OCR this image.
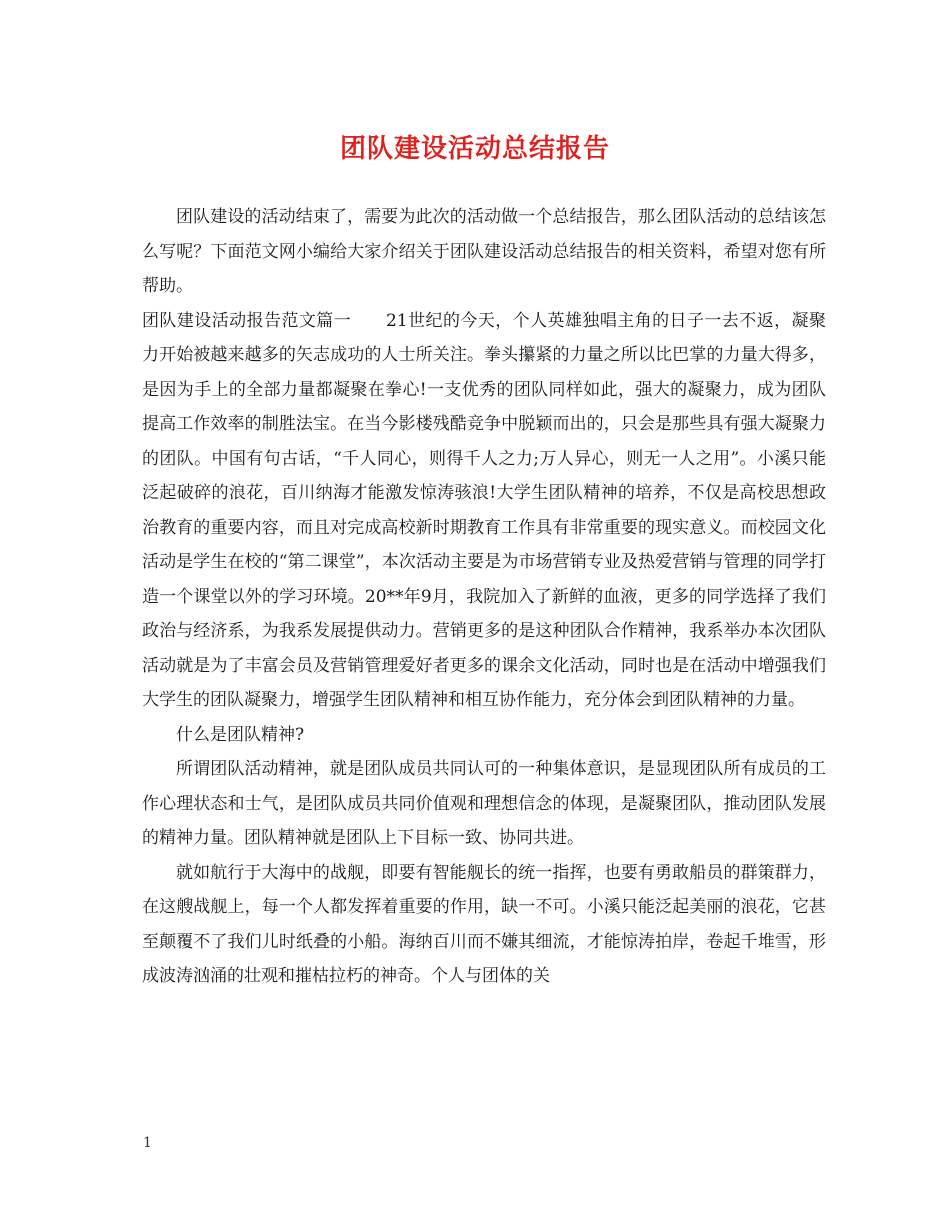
团队建设活动总结报告

团队建设的活动结束了，需要为此次的活动做一个总结报告，那么团队活动的总结该怎么写呢？下面范文网小编给大家介绍关于团队建设活动总结报告的相关资料，希望对您有所帮助。

团队建设活动报告范文篇一　　21世纪的今天，个人英雄独唱主角的日子一去不返，凝聚力开始被越来越多的矢志成功的人士所关注。拳头攥紧的力量之所以比巴掌的力量大得多，是因为手上的全部力量都凝聚在拳心!一支优秀的团队同样如此，强大的凝聚力，成为团队提高工作效率的制胜法宝。在当今影楼残酷竞争中脱颖而出的，只会是那些具有强大凝聚力的团队。中国有句古话，“千人同心，则得千人之力;万人异心，则无一人之用”。小溪只能泛起破碎的浪花，百川纳海才能激发惊涛骇浪!大学生团队精神的培养，不仅是高校思想政治教育的重要内容，而且对完成高校新时期教育工作具有非常重要的现实意义。而校园文化活动是学生在校的“第二课堂”，本次活动主要是为市场营销专业及热爱营销与管理的同学打造一个课堂以外的学习环境。20**年9月，我院加入了新鲜的血液，更多的同学选择了我们政治与经济系，为我系发展提供动力。营销更多的是这种团队合作精神，我系举办本次团队活动就是为了丰富会员及营销管理爱好者更多的课余文化活动，同时也是在活动中增强我们大学生的团队凝聚力，增强学生团队精神和相互协作能力，充分体会到团队精神的力量。

什么是团队精神?

所谓团队活动精神，就是团队成员共同认可的一种集体意识，是显现团队所有成员的工作心理状态和士气，是团队成员共同价值观和理想信念的体现，是凝聚团队，推动团队发展的精神力量。团队精神就是团队上下目标一致、协同共进。

就如航行于大海中的战舰，即要有智能舰长的统一指挥，也要有勇敢船员的群策群力，在这艘战舰上，每一个人都发挥着重要的作用，缺一不可。小溪只能泛起美丽的浪花，它甚至颠覆不了我们儿时纸叠的小船。海纳百川而不嫌其细流，才能惊涛拍岸，卷起千堆雪，形成波涛汹涌的壮观和摧枯拉朽的神奇。个人与团体的关

1
